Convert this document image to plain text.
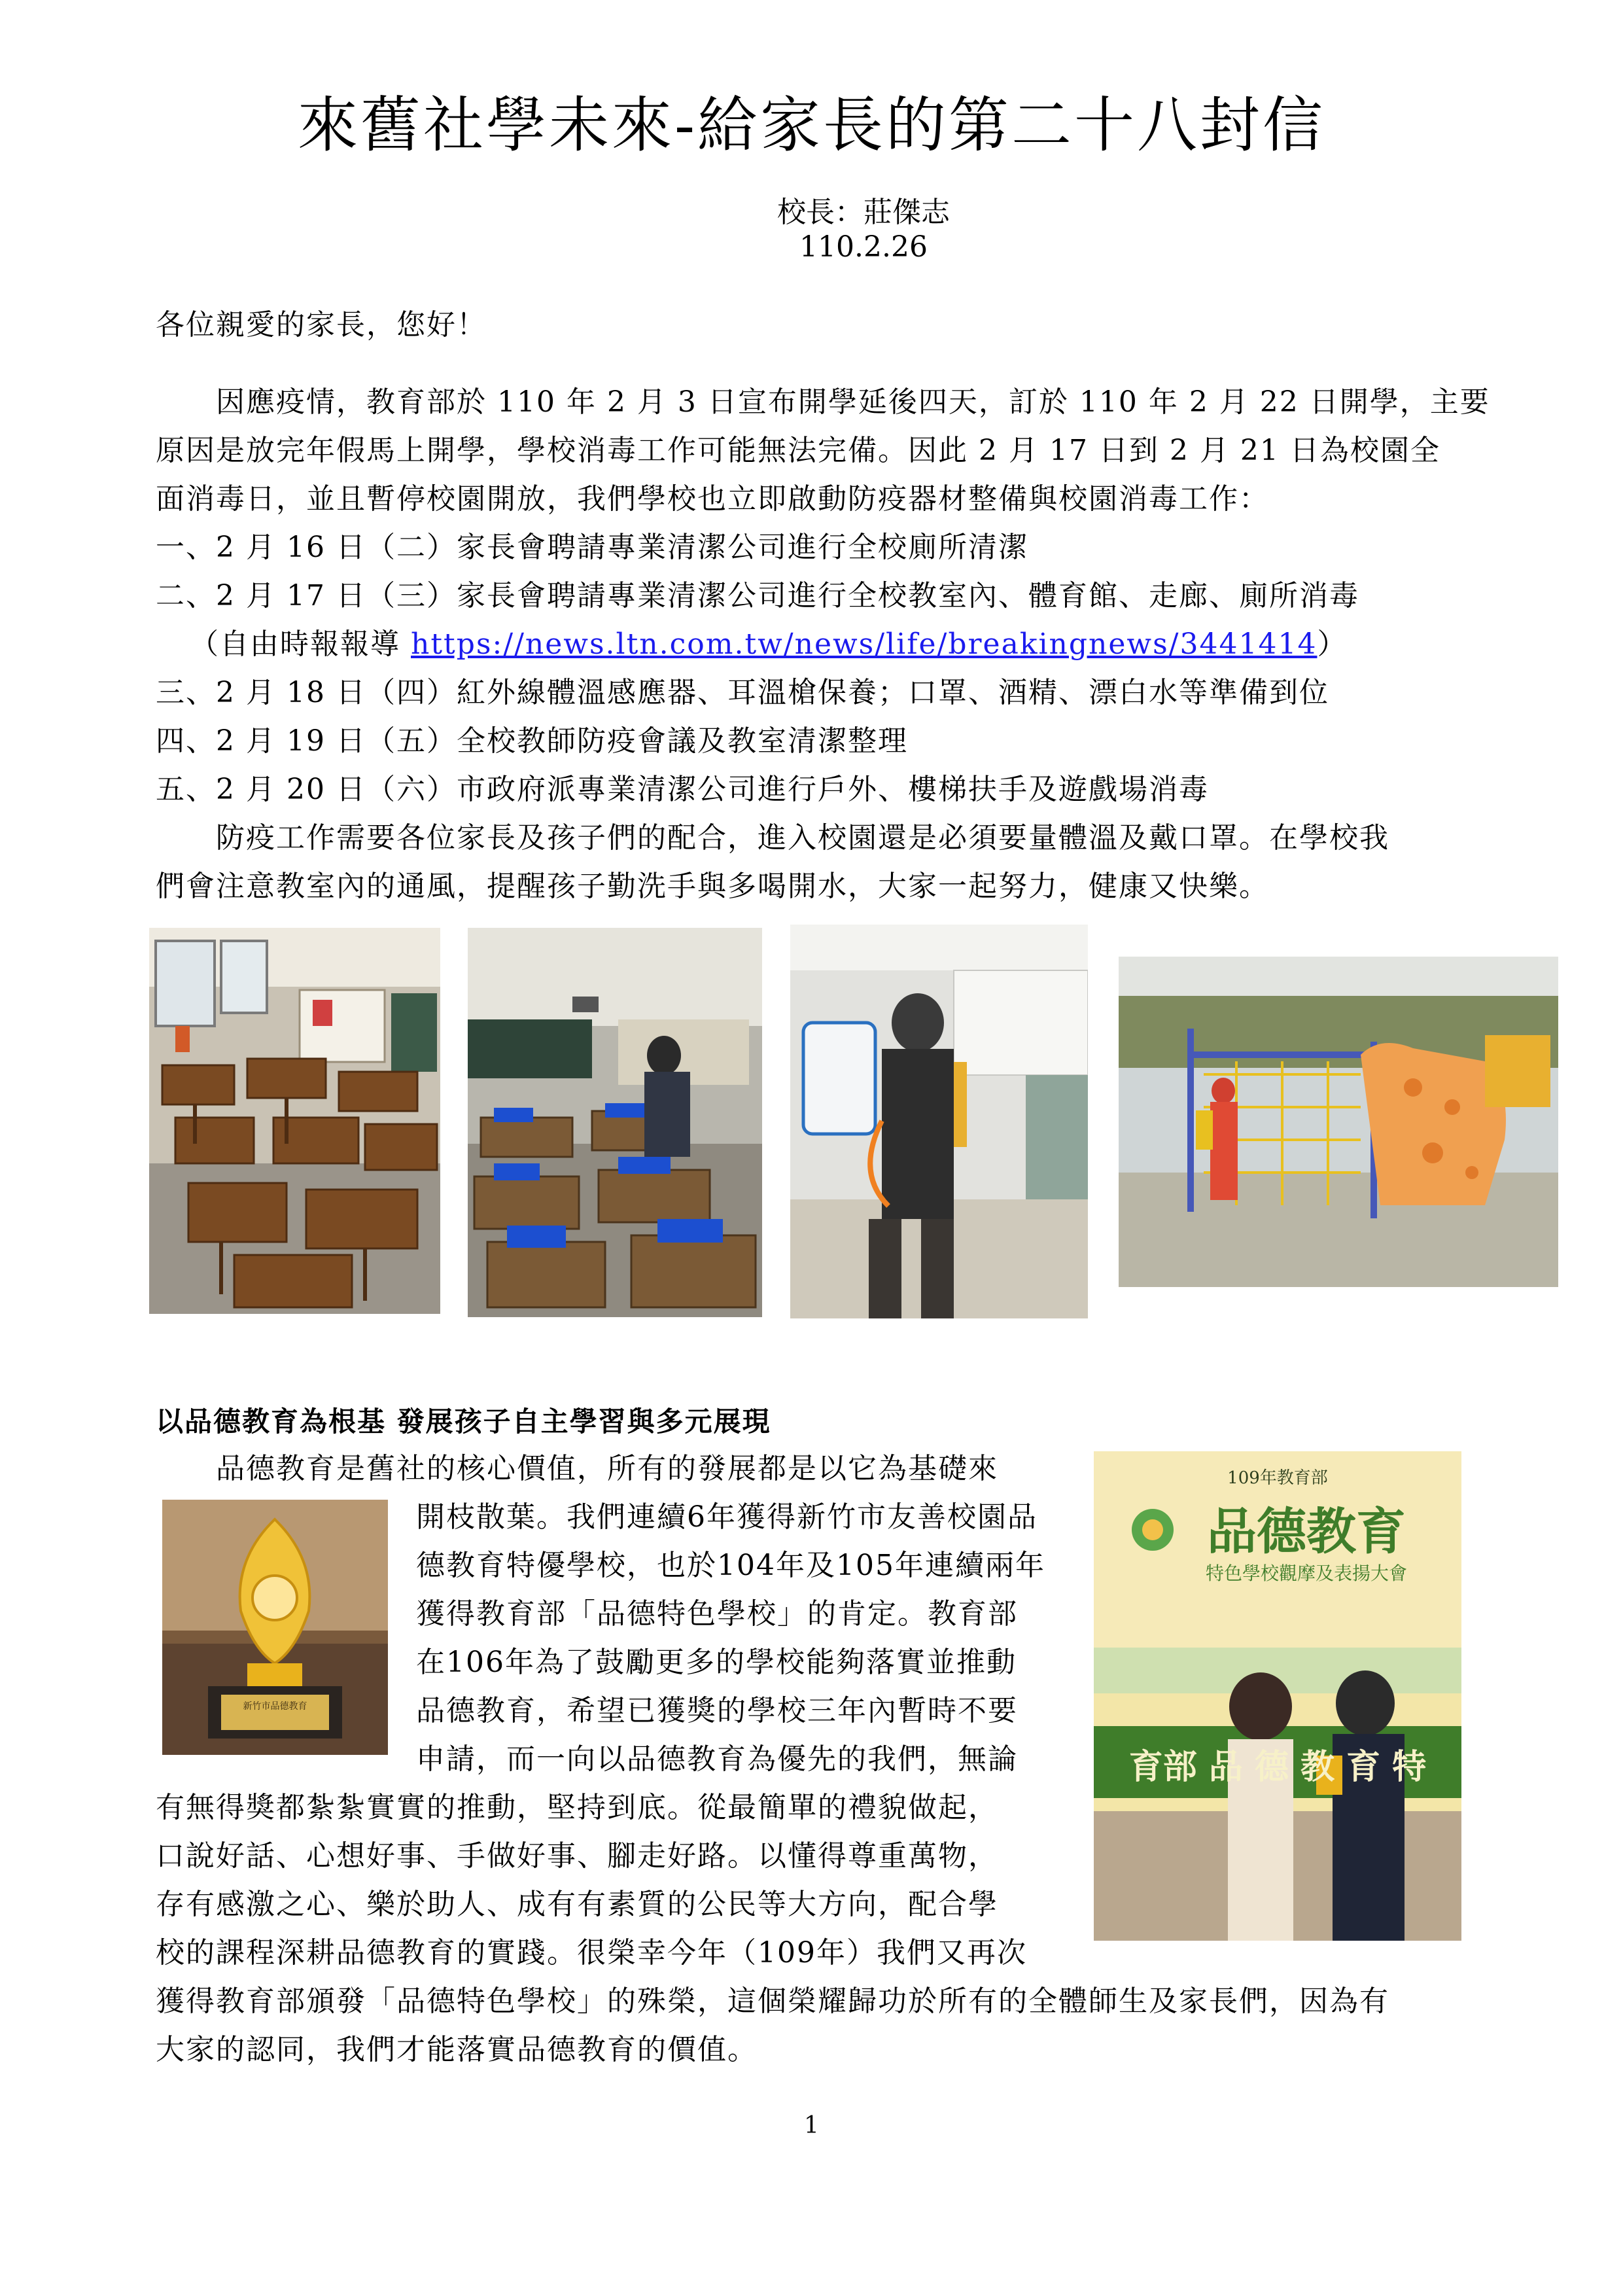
來舊社學未來-給家長的第二十八封信
校長：莊傑志
110.2.26
各位親愛的家長，您好！
　　因應疫情，教育部於 110 年 2 月 3 日宣布開學延後四天，訂於 110 年 2 月 22 日開學，主要
原因是放完年假馬上開學，學校消毒工作可能無法完備。因此 2 月 17 日到 2 月 21 日為校園全
面消毒日，並且暫停校園開放，我們學校也立即啟動防疫器材整備與校園消毒工作：
一、2 月 16 日（二）家長會聘請專業清潔公司進行全校廁所清潔
二、2 月 17 日（三）家長會聘請專業清潔公司進行全校教室內、體育館、走廊、廁所消毒
（自由時報報導 https://news.ltn.com.tw/news/life/breakingnews/3441414）
三、2 月 18 日（四）紅外線體溫感應器、耳溫槍保養；口罩、酒精、漂白水等準備到位
四、2 月 19 日（五）全校教師防疫會議及教室清潔整理
五、2 月 20 日（六）市政府派專業清潔公司進行戶外、樓梯扶手及遊戲場消毒
　　防疫工作需要各位家長及孩子們的配合，進入校園還是必須要量體溫及戴口罩。在學校我
們會注意教室內的通風，提醒孩子勤洗手與多喝開水，大家一起努力，健康又快樂。
以品德教育為根基 發展孩子自主學習與多元展現
　　品德教育是舊社的核心價值，所有的發展都是以它為基礎來
開枝散葉。我們連續6年獲得新竹市友善校園品
德教育特優學校，也於104年及105年連續兩年
獲得教育部「品德特色學校」的肯定。教育部
在106年為了鼓勵更多的學校能夠落實並推動
品德教育，希望已獲獎的學校三年內暫時不要
申請，而一向以品德教育為優先的我們，無論
有無得獎都紮紮實實的推動，堅持到底。從最簡單的禮貌做起，
口說好話、心想好事、手做好事、腳走好路。以懂得尊重萬物，
存有感激之心、樂於助人、成有有素質的公民等大方向，配合學
校的課程深耕品德教育的實踐。很榮幸今年（109年）我們又再次
獲得教育部頒發「品德特色學校」的殊榮，這個榮耀歸功於所有的全體師生及家長們，因為有
大家的認同，我們才能落實品德教育的價值。
新竹市品德教育
109年教育部
品德教育
特色學校觀摩及表揚大會
育部 品 德 教 育 特
1
